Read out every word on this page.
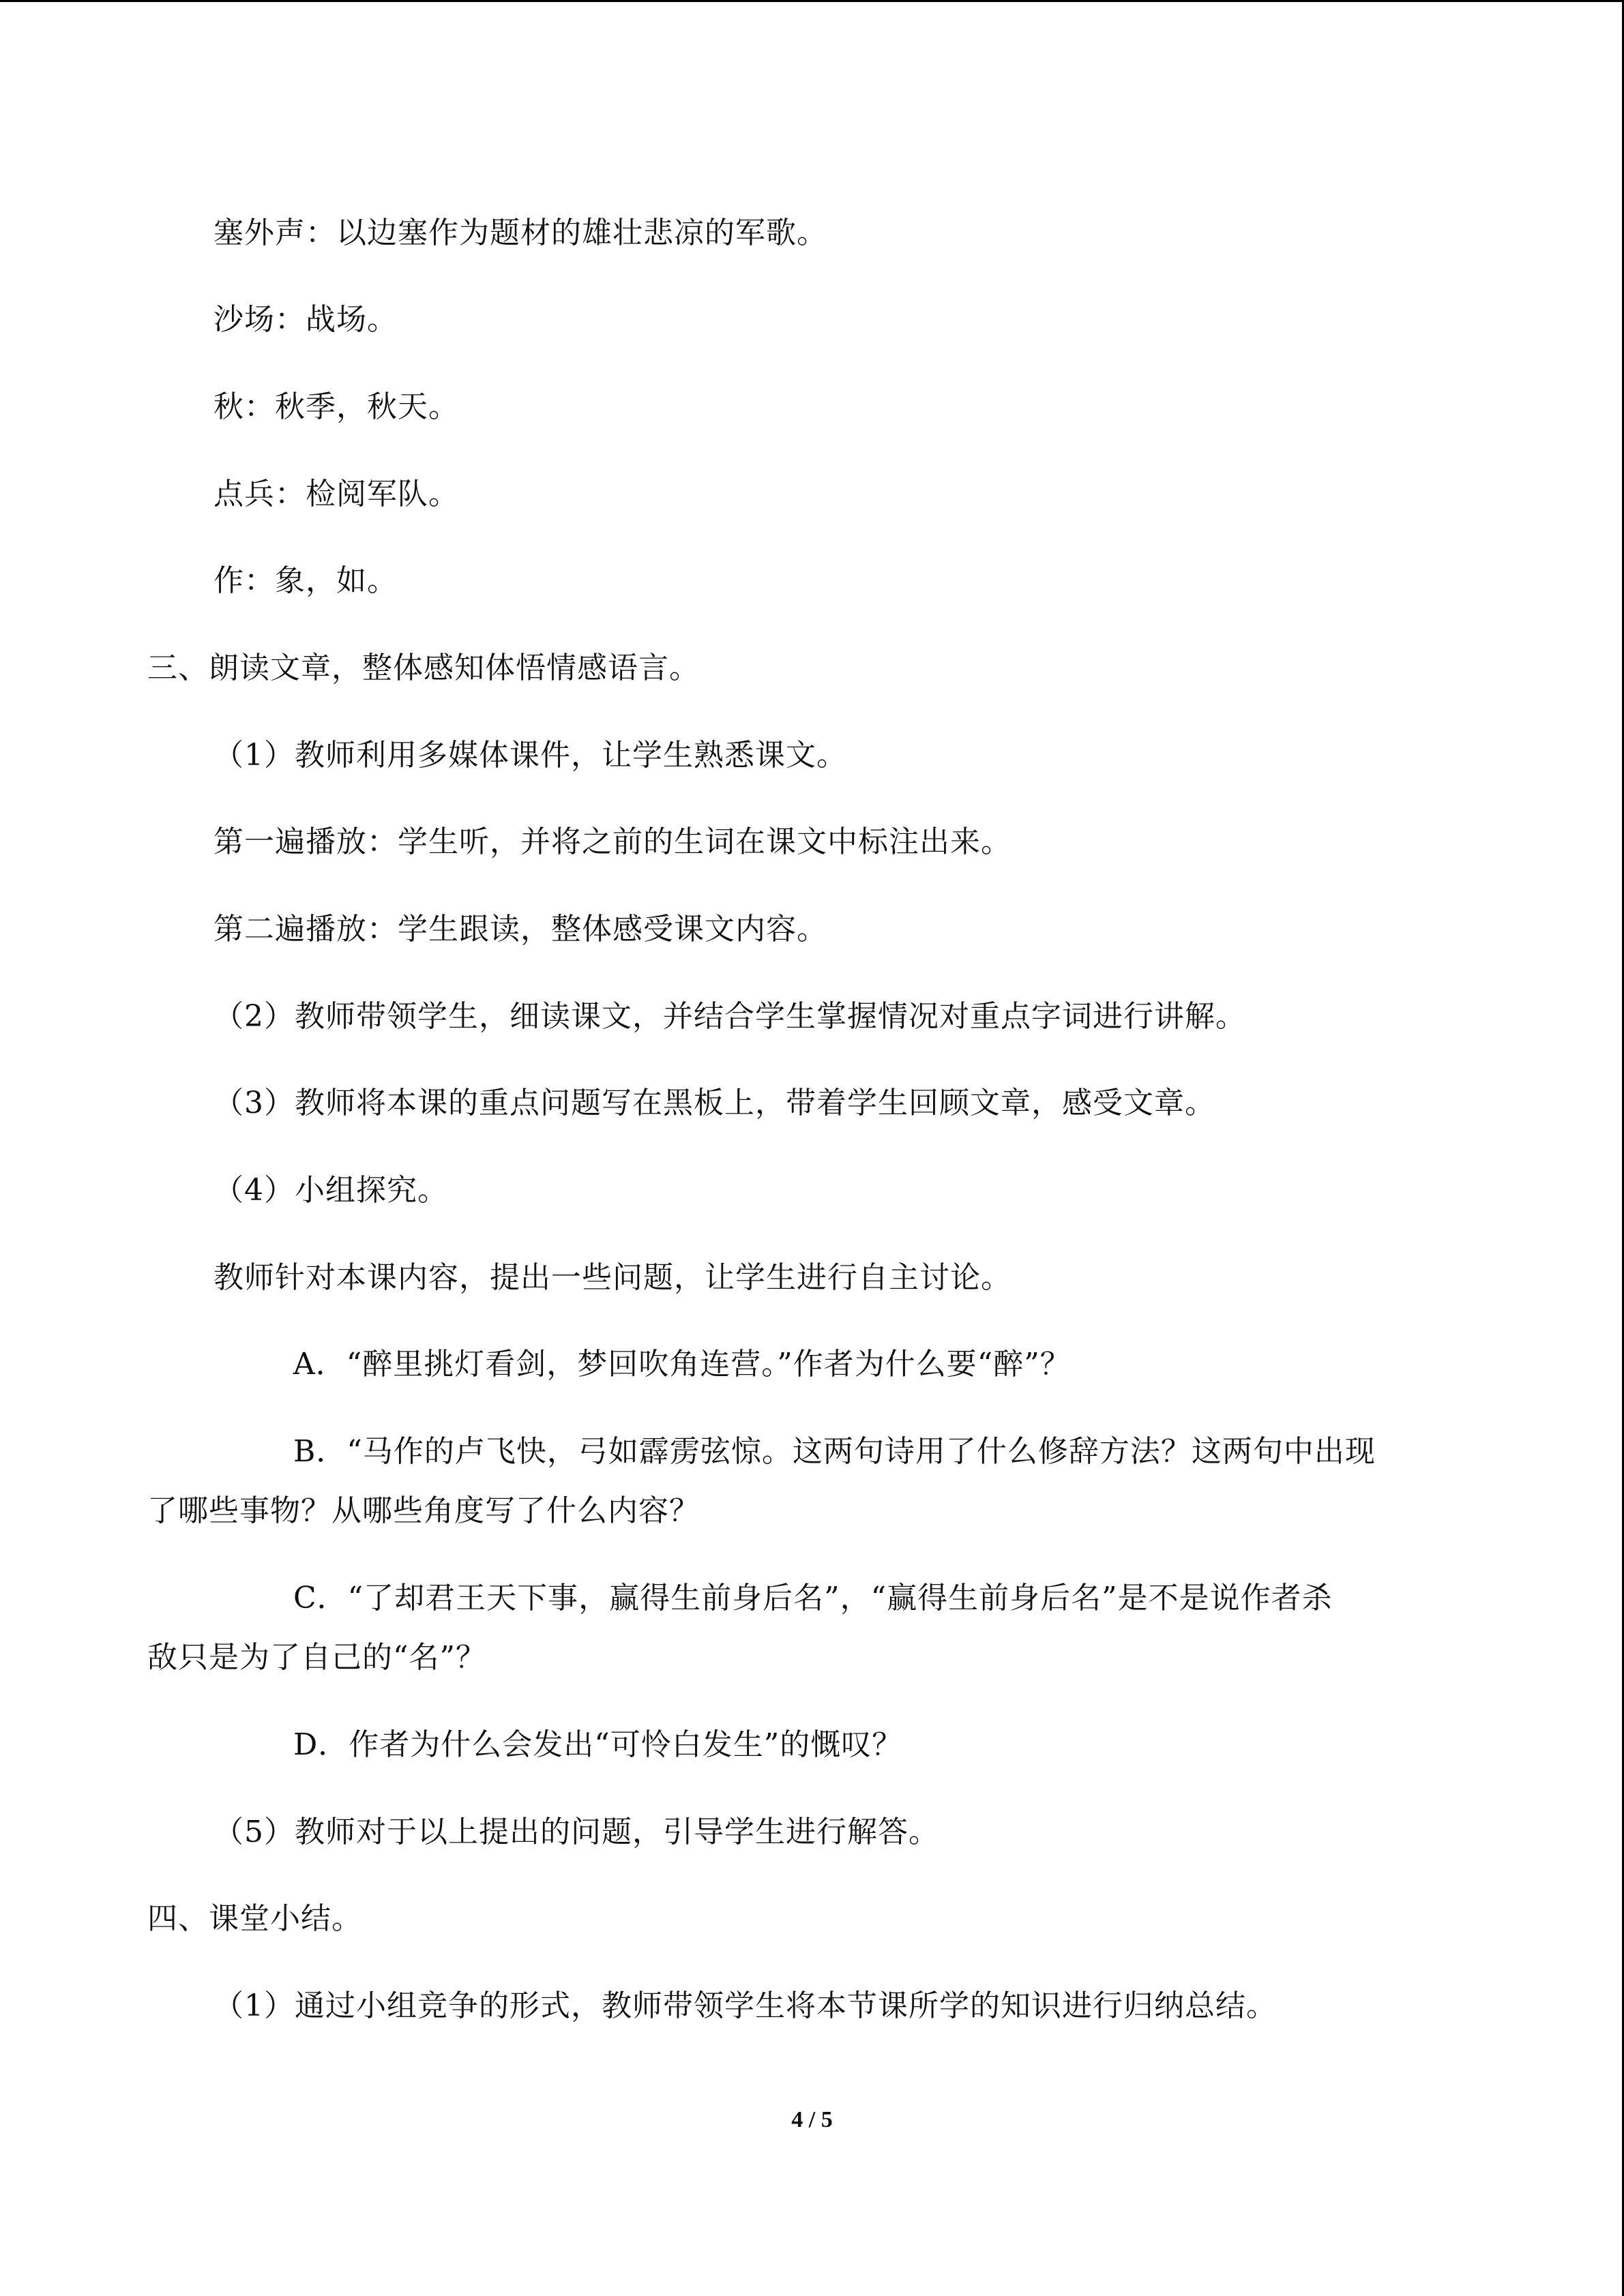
塞外声：以边塞作为题材的雄壮悲凉的军歌。
沙场：战场。
秋：秋季，秋天。
点兵：检阅军队。
作：象，如。
三、朗读文章，整体感知体悟情感语言。
（1）教师利用多媒体课件，让学生熟悉课文。
第一遍播放：学生听，并将之前的生词在课文中标注出来。
第二遍播放：学生跟读，整体感受课文内容。
（2）教师带领学生，细读课文，并结合学生掌握情况对重点字词进行讲解。
（3）教师将本课的重点问题写在黑板上，带着学生回顾文章，感受文章。
（4）小组探究。
教师针对本课内容，提出一些问题，让学生进行自主讨论。
A．“醉里挑灯看剑，梦回吹角连营。”作者为什么要“醉”？
B．“马作的卢飞快，弓如霹雳弦惊。这两句诗用了什么修辞方法？这两句中出现
了哪些事物？从哪些角度写了什么内容？
C．“了却君王天下事，赢得生前身后名”，“赢得生前身后名”是不是说作者杀
敌只是为了自己的“名”？
D．作者为什么会发出“可怜白发生”的慨叹？
（5）教师对于以上提出的问题，引导学生进行解答。
四、课堂小结。
（1）通过小组竞争的形式，教师带领学生将本节课所学的知识进行归纳总结。
4 / 5
